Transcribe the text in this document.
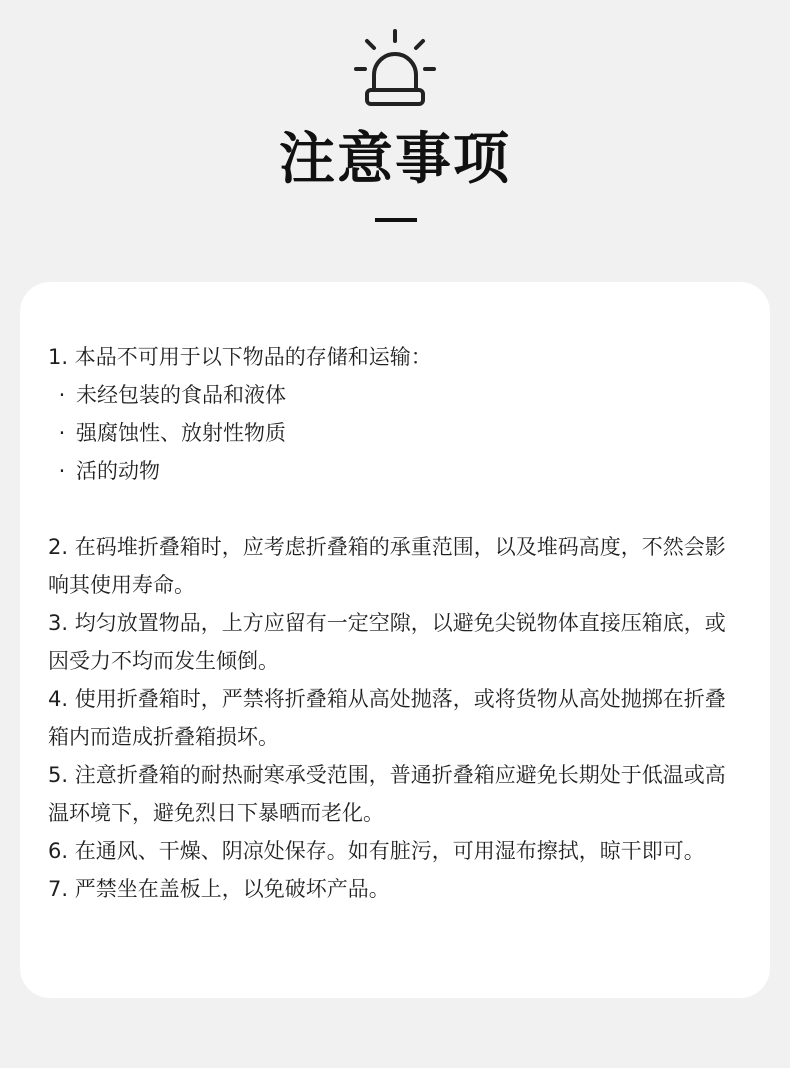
注意事项

1. 本品不可用于以下物品的存储和运输：

· 未经包装的食品和液体
· 强腐蚀性、放射性物质
· 活的动物

2. 在码堆折叠箱时，应考虑折叠箱的承重范围，以及堆码高度，不然会影响其使用寿命。

3. 均匀放置物品，上方应留有一定空隙，以避免尖锐物体直接压箱底，或因受力不均而发生倾倒。

4. 使用折叠箱时，严禁将折叠箱从高处抛落，或将货物从高处抛掷在折叠箱内而造成折叠箱损坏。

5. 注意折叠箱的耐热耐寒承受范围，普通折叠箱应避免长期处于低温或高温环境下，避免烈日下暴晒而老化。

6. 在通风、干燥、阴凉处保存。如有脏污，可用湿布擦拭，晾干即可。

7. 严禁坐在盖板上，以免破坏产品。
